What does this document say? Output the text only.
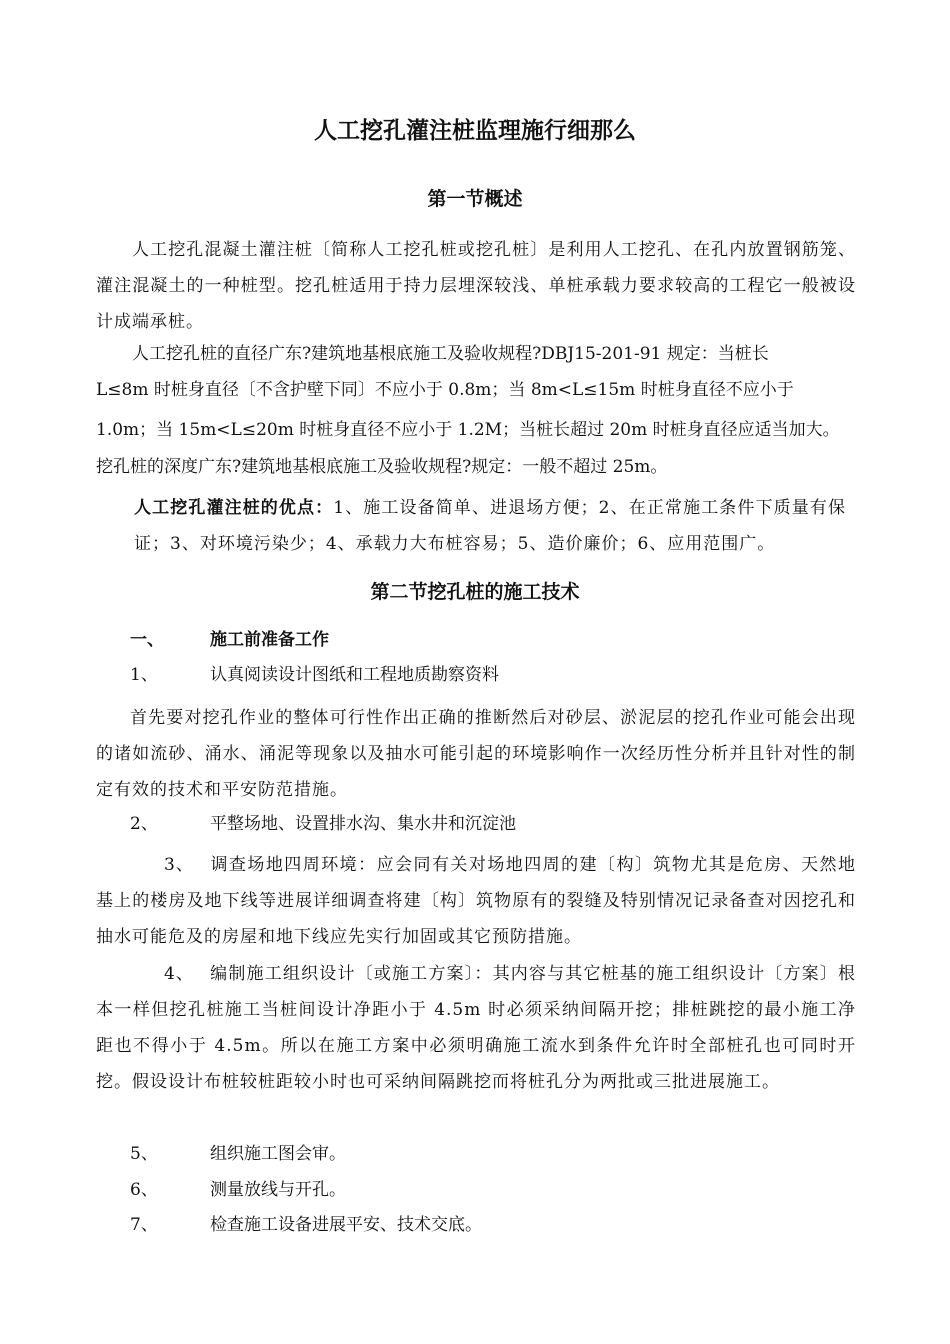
人工挖孔灌注桩监理施行细那么
第一节概述
人工挖孔混凝土灌注桩〔简称人工挖孔桩或挖孔桩〕是利用人工挖孔、在孔内放置钢筋笼、灌注混凝土的一种桩型。挖孔桩适用于持力层埋深较浅、单桩承载力要求较高的工程它一般被设计成端承桩。
人工挖孔桩的直径广东?建筑地基根底施工及验收规程?DBJ15-201-91 规定：当桩长
L≤8m 时桩身直径〔不含护壁下同〕不应小于 0.8m；当 8m<L≤15m 时桩身直径不应小于
1.0m；当 15m<L≤20m 时桩身直径不应小于 1.2M；当桩长超过 20m 时桩身直径应适当加大。
挖孔桩的深度广东?建筑地基根底施工及验收规程?规定：一般不超过 25m。
人工挖孔灌注桩的优点：1、施工设备简单、进退场方便；2、在正常施工条件下质量有保证；3、对环境污染少；4、承载力大布桩容易；5、造价廉价；6、应用范围广。
第二节挖孔桩的施工技术
一、	施工前准备工作
1、	认真阅读设计图纸和工程地质勘察资料
首先要对挖孔作业的整体可行性作出正确的推断然后对砂层、淤泥层的挖孔作业可能会出现的诸如流砂、涌水、涌泥等现象以及抽水可能引起的环境影响作一次经历性分析并且针对性的制定有效的技术和平安防范措施。
2、	平整场地、设置排水沟、集水井和沉淀池
3、 调查场地四周环境：应会同有关对场地四周的建〔构〕筑物尤其是危房、天然地基上的楼房及地下线等进展详细调查将建〔构〕筑物原有的裂缝及特别情况记录备查对因挖孔和抽水可能危及的房屋和地下线应先实行加固或其它预防措施。
4、 编制施工组织设计〔或施工方案〕：其内容与其它桩基的施工组织设计〔方案〕根本一样但挖孔桩施工当桩间设计净距小于 4.5m 时必须采纳间隔开挖；排桩跳挖的最小施工净距也不得小于 4.5m。所以在施工方案中必须明确施工流水到条件允许时全部桩孔也可同时开挖。假设设计布桩较桩距较小时也可采纳间隔跳挖而将桩孔分为两批或三批进展施工。
5、	组织施工图会审。
6、	测量放线与开孔。
7、	检查施工设备进展平安、技术交底。
